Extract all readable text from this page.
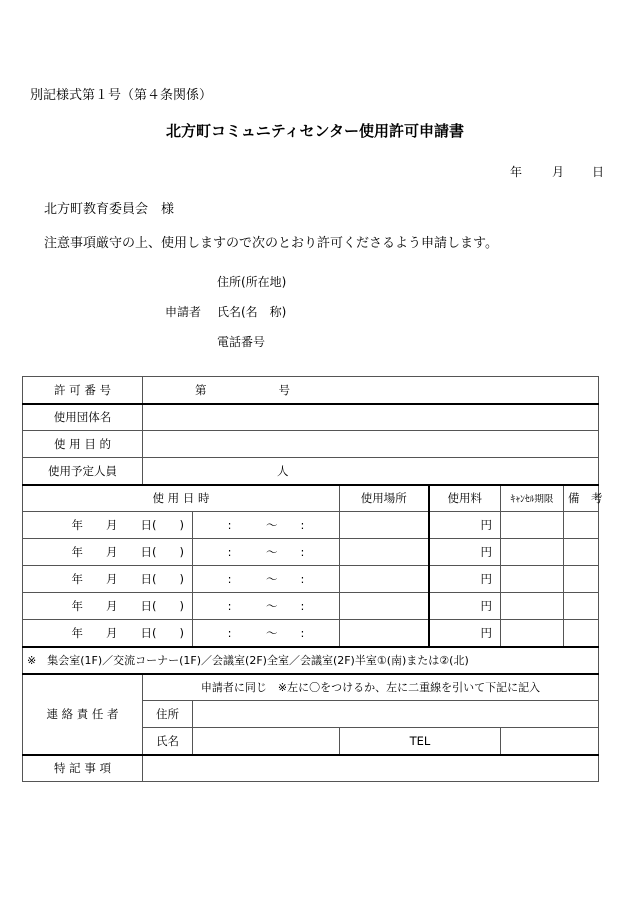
別記様式第１号（第４条関係）
北方町コミュニティセンター使用許可申請書
年 月 日
北方町教育委員会　様
注意事項厳守の上、使用しますので次のとおり許可くださるよう申請します。
住所(所在地)
申請者 氏名(名　称)
電話番号
許 可 番 号	第 号					
使用団体名						
使 用 目 的						
使用予定人員	人					
使 用 日 時			使用場所	使用料	ｷｬﾝｾﾙ期限	備　考
年　　月　　日(　　)		:　　　〜　　:		円		
年　　月　　日(　　)		:　　　〜　　:		円		
年　　月　　日(　　)		:　　　〜　　:		円		
年　　月　　日(　　)		:　　　〜　　:		円		
年　　月　　日(　　)		:　　　〜　　:		円		
※　集会室(1F)／交流コーナー(1F)／会議室(2F)全室／会議室(2F)半室①(南)または②(北)						
連 絡 責 任 者	申請者に同じ　※左に〇をつけるか、左に二重線を引いて下記に記入					
	住所					
	氏名		TEL			
特 記 事 項						
